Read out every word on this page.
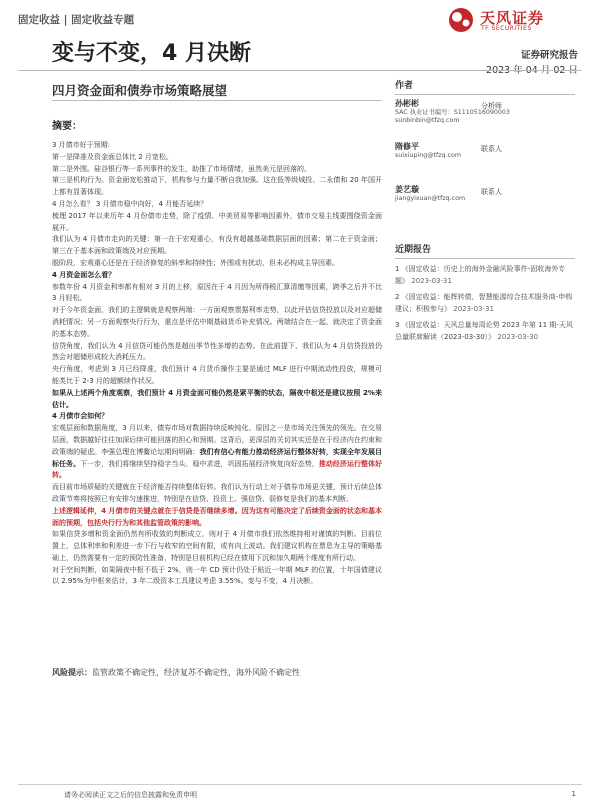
固定收益 | 固定收益专题	天风证券
TF SECURITIES
变与不变，4 月决断	证券研究报告
2023 年 04 月 02 日
四月资金面和债券市场策略展望
摘要：

3 月债市好于预期:

第一是降准及资金面总体比 2 月宽松。

第二是外围。硅谷银行等一系列事件的发生，助推了市场情绪，虽然美元是回落的。

第三是机构行为。资金面宽松推动下，机构参与力量不断自我加强。这在低等级城投、二永债和 20 年国开上都有显著体现。

4 月怎么看？ 3 月债市稳中向好，4 月能否延续？

梳理 2017 年以来历年 4 月份债市走势，除了疫情、中美贸易等影响因素外，债市交易主线要围绕资金面展开。

我们认为 4 月债市走向的关键：第一在于宏观重心，有没有超越基础数据层面的因素；第二在于资金面；第三在于基本面和政策端及对应预期。

脱阶段，宏观重心还是在于经济修复的斜率和持续性；外围或有扰动，但未必构成主导因素。

4 月资金面怎么看？

参数年份 4 月资金利率都有相对 3 月的上移，原因在于 4 月因为所得税汇算清缴等因素，跨季之后并不比 3 月轻松。

对于今年资金面，我们的主逻辑就是观察两端：一方面观察票据利率走势，以此评估信贷投放以及对应超储消耗情况；另一方面观察央行行为，重点是评估中期基础货币补充情况。两端结合在一起，就决定了资金面的基本态势。

信贷角度，我们认为 4 月信贷可能仍然是超出季节性多增的态势。在此前提下，我们认为 4 月信贷投放仍然会对超储形成较大消耗压力。

央行角度，考虑到 3 月已经降准，我们预计 4 月货币操作主要是通过 MLF 进行中期流动性投放，规模可能类比于 2-3 月的超额续作状况。

如果从上述两个角度观察，我们预计 4 月资金面可能仍然是紧平衡的状态，隔夜中枢还是建议按照 2%来估计。

4 月债市会如何？

宏观层面和数据角度，3 月以来，债券市场对数据持续反映钝化、原因之一是市场关注领先的领先。在交易层面，数据越好往往加深后续可能回落的担心和预期。这背后，更深层的关切其实还是在于经济内在约束和政策端的疑虑。李强总理在博鳌论坛期间明确：我们有信心有能力推动经济运行整体好转，实现全年发展目标任务。下一步，我们将继续坚持稳字当头、稳中求进，巩固拓展经济恢复向好态势，推动经济运行整体好转。

而目前市场质疑的关键就在于经济能否持续整体好转。我们认为行动上对于债券市场更关键，预计后续总体政策节奏将按照已有安排匀速推进，特别是在信贷、投资上。强信贷、弱修复是我们的基本判断。

上述逻辑延伸，4 月债市的关键点就在于信贷是否继续多增。因为这有可能决定了后续资金面的状态和基本面的预期，包括央行行为和其他监管政策的影响。

如果信贷多增和资金面仍然有所收敛的判断成立，则对于 4 月债市我们依然维持相对谨慎的判断。目前位置上，总体利率和利差进一步下行与收窄的空间有限，或有向上波动。我们建议机构在票息为主导的策略基础上，仍然需要有一定的预防性准备，特别是目前机构已经在债用下沉和加久期两个维度有所行动。

对于空间判断，如果隔夜中枢不低于 2%，则一年 CD 预计仍处于贴近一年期 MLF 的位置，十年国债建议以 2.95%为中枢来估计，3 年二级资本工具建议考虑 3.55%。变与不变，4 月决断。

风险提示：监管政策不确定性，经济复苏不确定性，海外风险不确定性
作者
孙彬彬	分析师
SAC 执业证书编号：S1110516090003
sunbinbin@tfzq.com
隋修平	联系人
suixiuping@tfzq.com
姜艺璇	联系人
jiangyixuan@tfzq.com
近期报告
1 《固定收益：历史上的海外金融风险事件-固收海外专题》 2023-03-31
2 《固定收益：能辉转债，智慧能源综合技术服务商-申购建议；积极参与》 2023-03-31
3 《固定收益：天风总量每周论势 2023 年第 11 期-天风总量联席解读（2023-03-30）》 2023-03-30
请务必阅读正文之后的信息披露和免责申明	1
